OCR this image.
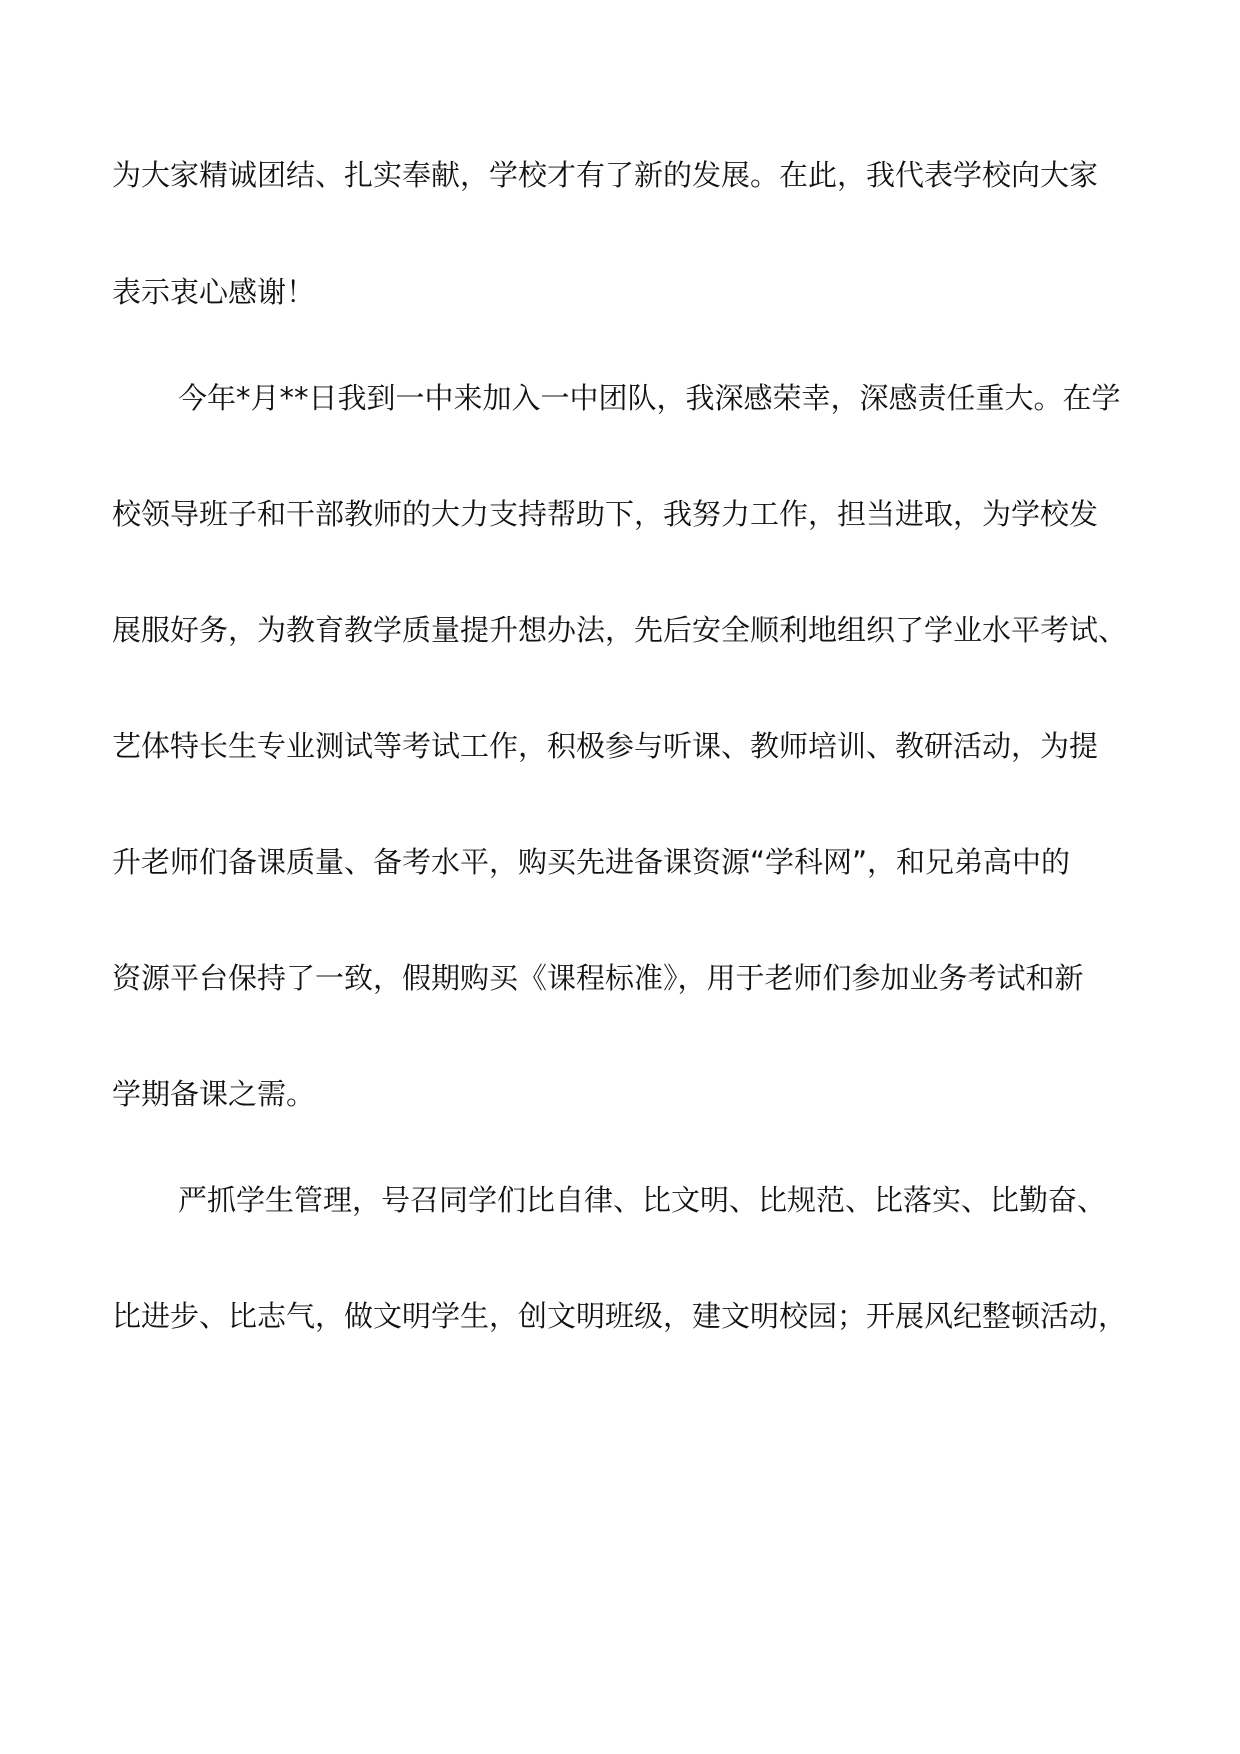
为大家精诚团结、扎实奉献，学校才有了新的发展。在此，我代表学校向大家

表示衷心感谢！

今年*月**日我到一中来加入一中团队，我深感荣幸，深感责任重大。在学

校领导班子和干部教师的大力支持帮助下，我努力工作，担当进取，为学校发

展服好务，为教育教学质量提升想办法，先后安全顺利地组织了学业水平考试、

艺体特长生专业测试等考试工作，积极参与听课、教师培训、教研活动，为提

升老师们备课质量、备考水平，购买先进备课资源“学科网”，和兄弟高中的

资源平台保持了一致，假期购买《课程标准》，用于老师们参加业务考试和新

学期备课之需。

严抓学生管理，号召同学们比自律、比文明、比规范、比落实、比勤奋、

比进步、比志气，做文明学生，创文明班级，建文明校园；开展风纪整顿活动，
